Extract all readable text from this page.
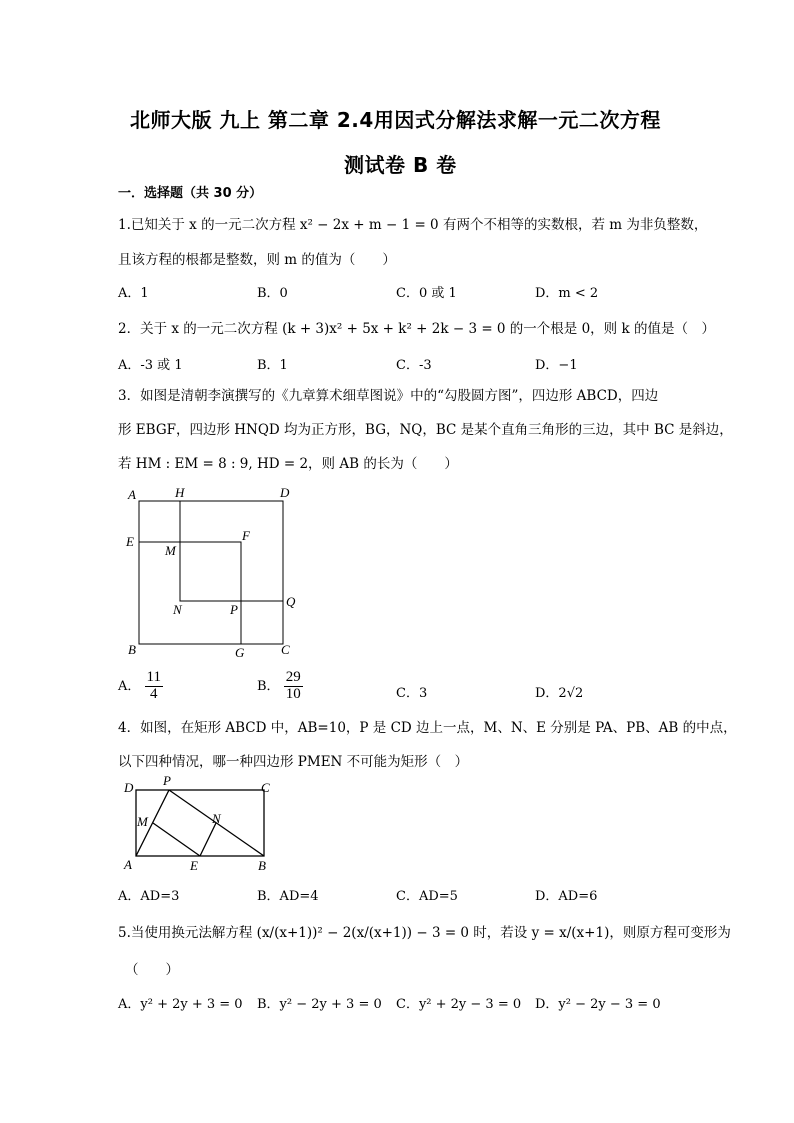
北师大版 九上 第二章 2.4用因式分解法求解一元二次方程
测试卷 B 卷
一．选择题（共 30 分）
1.已知关于 x 的一元二次方程 x² − 2x + m − 1 = 0 有两个不相等的实数根，若 m 为非负整数，
且该方程的根都是整数，则 m 的值为（　　）
A．1	B．0	C．0 或 1	D．m < 2
2．关于 x 的一元二次方程 (k + 3)x² + 5x + k² + 2k − 3 = 0 的一个根是 0，则 k 的值是（　）
A．-3 或 1	B．1	C．-3	D．−1
3．如图是清朝李演撰写的《九章算术细草图说》中的“勾股圆方图”，四边形 ABCD，四边
形 EBGF，四边形 HNQD 均为正方形，BG，NQ，BC 是某个直角三角形的三边，其中 BC 是斜边，
若 HM : EM = 8 : 9, HD = 2，则 AB 的长为（　　）
A	H	D
E
M
F
N	P
Q
B	G	C
A． $\frac{11}{4}$	B． $\frac{29}{10}$	C．3	D．2√2
4．如图，在矩形 ABCD 中，AB=10，P 是 CD 边上一点，M、N、E 分别是 PA、PB、AB 的中点，
以下四种情况，哪一种四边形 PMEN 不可能为矩形（　）
D P	C
M	N
A	E	B
A．AD=3	B．AD=4	C．AD=5	D．AD=6
5.当使用换元法解方程 (x/(x+1))² − 2(x/(x+1)) − 3 = 0 时，若设 y = x/(x+1)，则原方程可变形为
（　　）
A．y² + 2y + 3 = 0 B．y² − 2y + 3 = 0 C．y² + 2y − 3 = 0 D．y² − 2y − 3 = 0
